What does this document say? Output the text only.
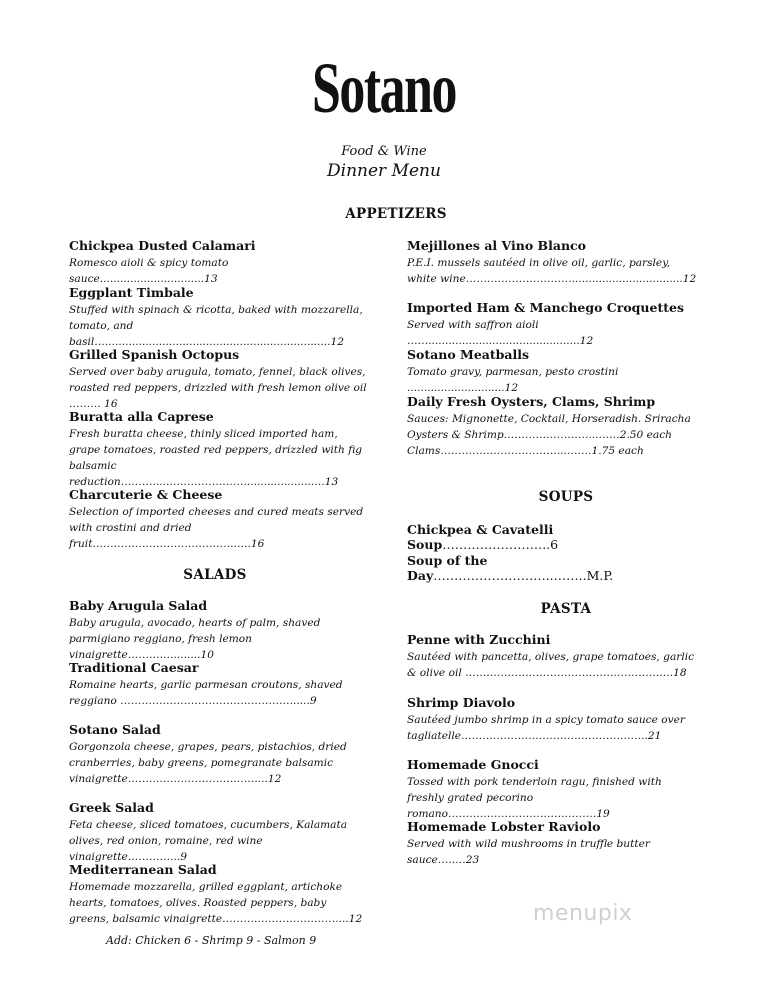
Sotano
Food & Wine
Dinner Menu
APPETIZERS
Chickpea Dusted Calamari
Romesco aioli & spicy tomato sauce...............................13
Eggplant Timbale
Stuffed with spinach & ricotta, baked with mozzarella, tomato, and basil…...................................................................12
Grilled Spanish Octopus
Served over baby arugula, tomato, fennel, black olives, roasted red peppers, drizzled with fresh lemon olive oil ……… 16
Buratta alla Caprese
Fresh buratta cheese, thinly sliced imported ham, grape tomatoes, roasted red peppers, drizzled with fig balsamic reduction……….....………………….....................…13
Charcuterie & Cheese
Selection of imported cheeses and cured meats served with crostini and dried fruit………………………………….…..16
Mejillones al Vino Blanco
P.E.I. mussels sautéed in olive oil, garlic, parsley, white wine………………………….................................12
Imported Ham & Manchego Croquettes
Served with saffron aioli …….............................................12
Sotano Meatballs
Tomato gravy, parmesan, pesto crostini .............................12
Daily Fresh Oysters, Clams, Shrimp
Sauces: Mignonette, Cocktail, Horseradish. Sriracha
Oysters & Shrimp……………………...……2.50 each
Clams……………………………...…….1.75 each
SALADS
Baby Arugula Salad
Baby arugula, avocado, hearts of palm, shaved parmigiano reggiano, fresh lemon vinaigrette……….…........10
Traditional Caesar
Romaine hearts, garlic parmesan croutons, shaved reggiano ……………………………………….….....9
Sotano Salad
Gorgonzola cheese, grapes, pears, pistachios, dried cranberries, baby greens, pomegranate balsamic vinaigrette……..…………………..……...12
Greek Salad
Feta cheese, sliced tomatoes, cucumbers, Kalamata olives, red onion, romaine, red wine vinaigrette…………...9
Mediterranean Salad
Homemade mozzarella, grilled eggplant, artichoke hearts, tomatoes, olives. Roasted peppers, baby greens, balsamic vinaigrette……………………………...12
Add: Chicken 6 - Shrimp 9 - Salmon 9
SOUPS
Chickpea & Cavatelli Soup……………………..6
Soup of the Day………………………..……..M.P.
PASTA
Penne with Zucchini
Sautéed with pancetta, olives, grape tomatoes, garlic & olive oil …………………………………………………..18
Shrimp Diavolo
Sautéed jumbo shrimp in a spicy tomato sauce over tagliatelle……………………………………………..21
Homemade Gnocci
Tossed with pork tenderloin ragu, finished with freshly grated pecorino romano……………………………………19
Homemade Lobster Raviolo
Served with wild mushrooms in truffle butter sauce…..…23
menupix
